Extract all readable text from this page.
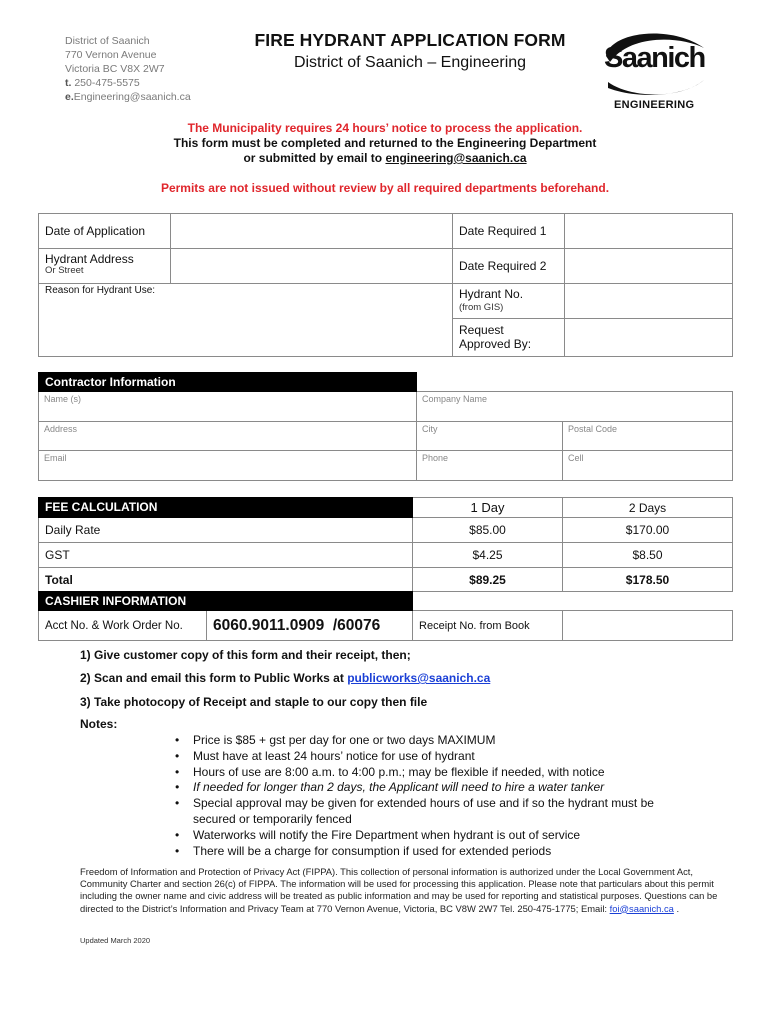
District of Saanich
770 Vernon Avenue
Victoria BC V8X 2W7
t. 250-475-5575
e.Engineering@saanich.ca
FIRE HYDRANT APPLICATION FORM
District of Saanich – Engineering	Saanich
ENGINEERING
The Municipality requires 24 hours’ notice to process the application.
This form must be completed and returned to the Engineering Department
or submitted by email to engineering@saanich.ca
Permits are not issued without review by all required departments beforehand.
Date of Application		Date Required 1	

Hydrant Address
Or Street		Date Required 2	
Reason for Hydrant Use:		Hydrant No.
(from GIS)	

		Request
Approved By:	

Contractor Information		
Name (s)	Company Name	
Address	City	Postal Code
Email	Phone	Cell
FEE CALCULATION	1 Day	2 Days
Daily Rate	$85.00	$170.00
GST	$4.25	$8.50
Total	$89.25	$178.50
CASHIER INFORMATION			
Acct No. & Work Order No.	6060.9011.0909  /60076	Receipt No. from Book	
1) Give customer copy of this form and their receipt, then;
2) Scan and email this form to Public Works at publicworks@saanich.ca
3) Take photocopy of Receipt and staple to our copy then file
Notes:
• Price is $85 + gst per day for one or two days MAXIMUM
• Must have at least 24 hours’ notice for use of hydrant
• Hours of use are 8:00 a.m. to 4:00 p.m.; may be flexible if needed, with notice
• If needed for longer than 2 days, the Applicant will need to hire a water tanker
• Special approval may be given for extended hours of use and if so the hydrant must be secured or temporarily fenced
• Waterworks will notify the Fire Department when hydrant is out of service
• There will be a charge for consumption if used for extended periods
Freedom of Information and Protection of Privacy Act (FIPPA). This collection of personal information is authorized under the Local Government Act, Community Charter and section 26(c) of FIPPA. The information will be used for processing this application. Please note that particulars about this permit including the owner name and civic address will be treated as public information and may be used for reporting and statistical purposes. Questions can be directed to the District’s Information and Privacy Team at 770 Vernon Avenue, Victoria, BC V8W 2W7 Tel. 250-475-1775; Email: foi@saanich.ca .
Updated March 2020
